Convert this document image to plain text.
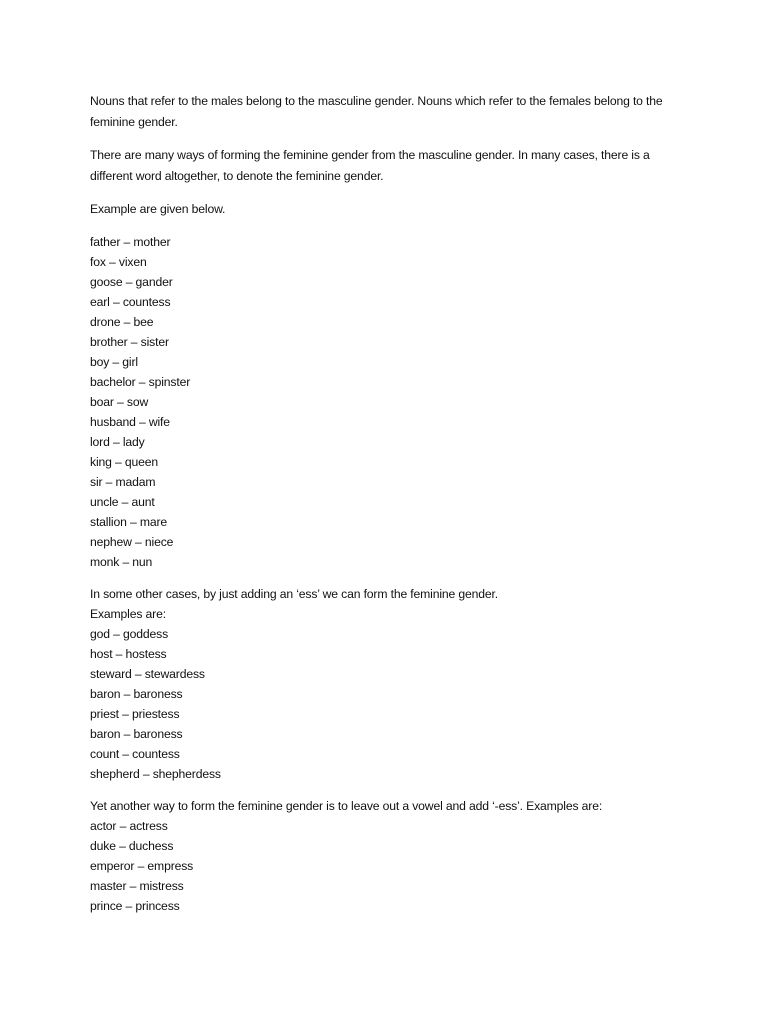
Nouns that refer to the males belong to the masculine gender. Nouns which refer to the females belong to the feminine gender.

There are many ways of forming the feminine gender from the masculine gender. In many cases, there is a different word altogether, to denote the feminine gender.

Example are given below.

father – mother
fox – vixen
goose – gander
earl – countess
drone – bee
brother – sister
boy – girl
bachelor – spinster
boar – sow
husband – wife
lord – lady
king – queen
sir – madam
uncle – aunt
stallion – mare
nephew – niece
monk – nun
In some other cases, by just adding an ‘ess’ we can form the feminine gender.
Examples are:
god – goddess
host – hostess
steward – stewardess
baron – baroness
priest – priestess
baron – baroness
count – countess
shepherd – shepherdess
Yet another way to form the feminine gender is to leave out a vowel and add ‘-ess’. Examples are:
actor – actress
duke – duchess
emperor – empress
master – mistress
prince – princess
